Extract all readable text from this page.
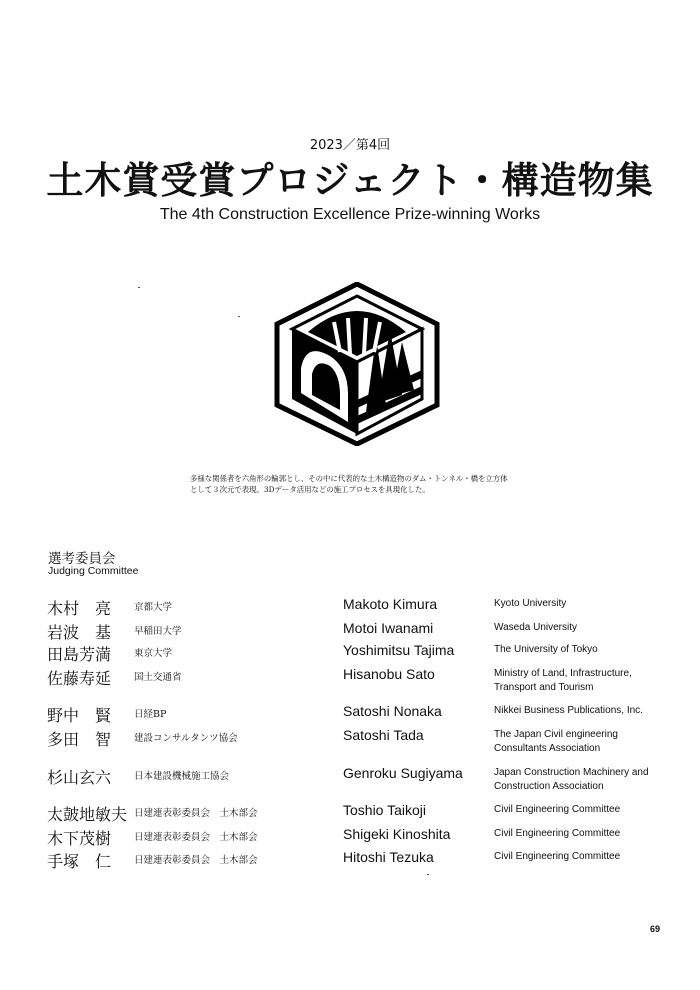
2023／第4回
土木賞受賞プロジェクト・構造物集
The 4th Construction Excellence Prize-winning Works
多様な関係者を六角形の輪郭とし、その中に代表的な土木構造物のダム・トンネル・橋を立方体
として３次元で表現。3Dデータ活用などの施工プロセスを具現化した。
選考委員会
Judging Committee
木村　亮 京都大学	Makoto Kimura	Kyoto University
岩波　基 早稲田大学	Motoi Iwanami	Waseda University
田島芳満 東京大学	Yoshimitsu Tajima	The University of Tokyo
佐藤寿延 国土交通省	Hisanobu Sato	Ministry of Land, Infrastructure, Transport and Tourism
野中　賢 日経BP	Satoshi Nonaka	Nikkei Business Publications, Inc.
多田　智 建設コンサルタンツ協会	Satoshi Tada	The Japan Civil engineering Consultants Association
杉山玄六 日本建設機械施工協会	Genroku Sugiyama	Japan Construction Machinery and Construction Association
太皷地敏夫 日建連表彰委員会　土木部会	Toshio Taikoji	Civil Engineering Committee
木下茂樹 日建連表彰委員会　土木部会	Shigeki Kinoshita	Civil Engineering Committee
手塚　仁 日建連表彰委員会　土木部会	Hitoshi Tezuka	Civil Engineering Committee
69
